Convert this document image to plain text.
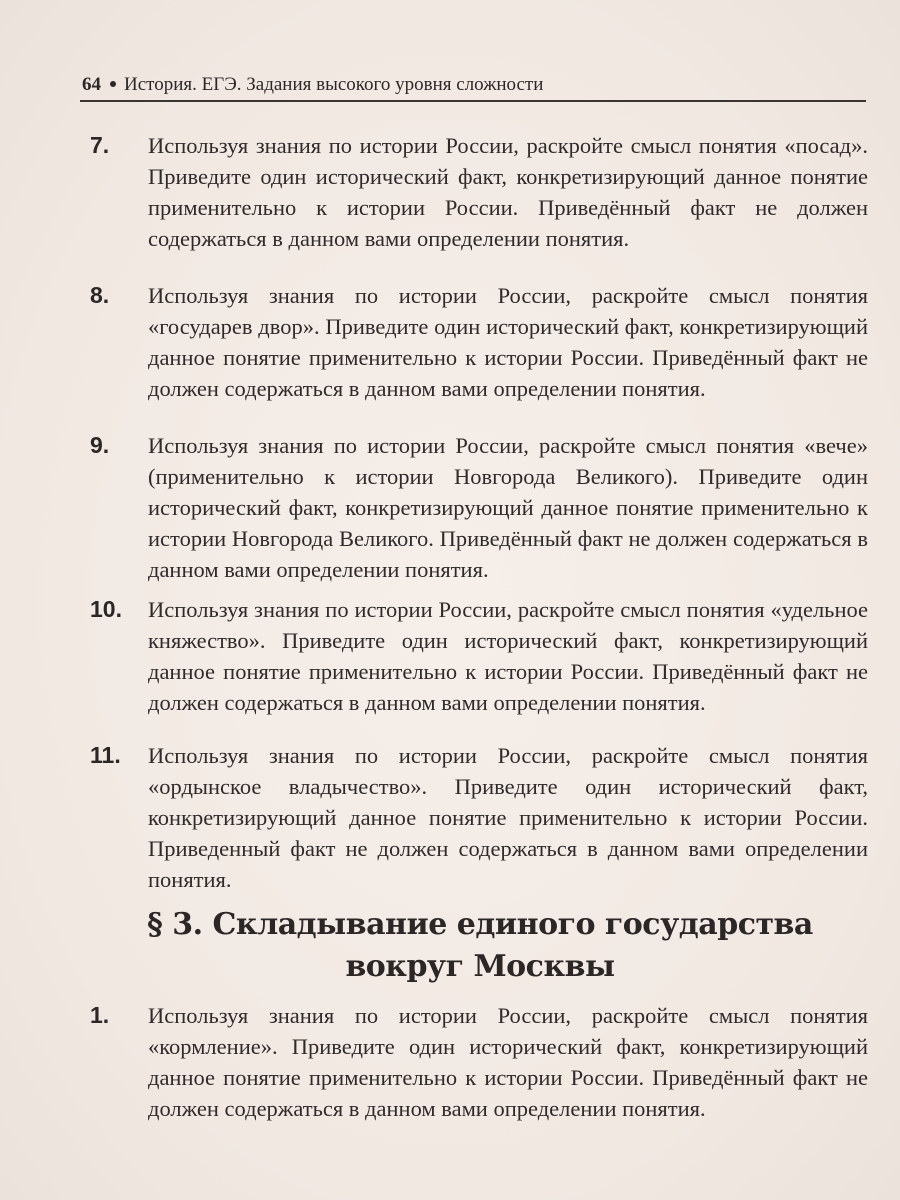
64 История. ЕГЭ. Задания высокого уровня сложности
7. Используя знания по истории России, раскройте смысл понятия «посад». Приведите один исторический факт, конкретизирующий данное понятие применительно к истории России. Приведённый факт не должен содержаться в данном вами определении понятия.
8. Используя знания по истории России, раскройте смысл понятия «государев двор». Приведите один исторический факт, конкретизирующий данное понятие применительно к истории России. Приведённый факт не должен содержаться в данном вами определении понятия.
9. Используя знания по истории России, раскройте смысл понятия «вече» (применительно к истории Новгорода Великого). Приведите один исторический факт, конкретизирующий данное понятие применительно к истории Новгорода Великого. Приведённый факт не должен содержаться в данном вами определении понятия.
10. Используя знания по истории России, раскройте смысл понятия «удельное княжество». Приведите один исторический факт, конкретизирующий данное понятие применительно к истории России. Приведённый факт не должен содержаться в данном вами определении понятия.
11. Используя знания по истории России, раскройте смысл понятия «ордынское владычество». Приведите один исторический факт, конкретизирующий данное понятие применительно к истории России. Приведенный факт не должен содержаться в данном вами определении понятия.
§ 3. Складывание единого государства
вокруг Москвы
1. Используя знания по истории России, раскройте смысл понятия «кормление». Приведите один исторический факт, конкретизирующий данное понятие применительно к истории России. Приведённый факт не должен содержаться в данном вами определении понятия.
